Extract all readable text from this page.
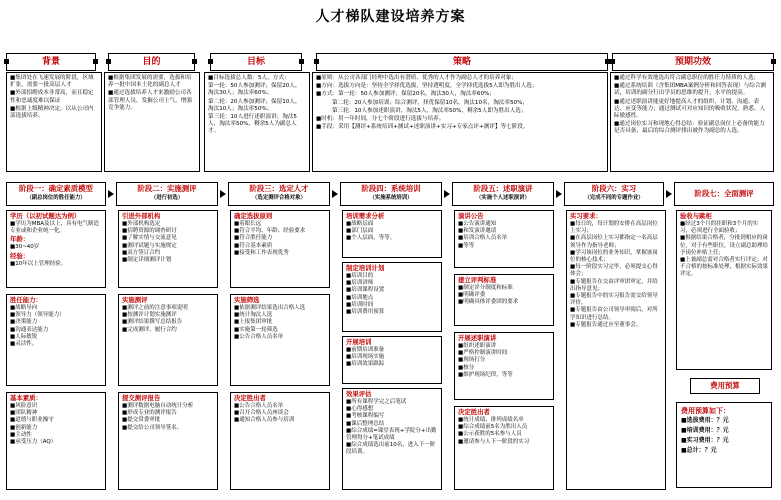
人才梯队建设培养方案
背景	目的	目标	策略	预期功效

■集团处在飞速发展的阶段，区域扩张，需要一批高层人才

■外部招聘成本非常高，而且稳定性和忠诚度难以保证

■根据上级精神决定，以从公司内部选拔培养。

■根据集团发展的需要，选拔和培养一批中国本土化的副总人才

■通过选拔培养人才来激励公司各部管理人员，发掘公司士气，增强竞争能力。

■目标选拔总人数：5人，方式：

第一轮：50人参加测评；保留20人，淘汰30人；淘汰率60%；

第二轮：20人参加测评；保留10人，淘汰10人；淘汰率50%；

第三轮：10人进行述职演讲；淘汰5人，淘汰率50%，剩余5人为副总人才。

■原则：从公司各部门经理中选出有潜质、优秀的人才作为副总人才的培养对象；

■方向：选拔方向是：坚持全学择优选拔，坚持透明度，全学择优选拔5人即为胜出人选；

■方式：第一轮：50人参加测评；保留20名，淘汰30人，淘汰率60%；

第二轮：20人参加培训；综合测评，择优保留10名，淘汰10名，淘汰率50%；

第三轮：10人参加述职演讲，淘汰5人，淘汰率50%，剩余5人即为胜出人选；

■时机：用一年时间，分七个阶段进行选拔与培养。

■手段：采用【测评+系统培训+测试+述职演讲+实习+专家点评+测评】等七阶段。

■通过科学有效地选出符合副总职位的胜任力特质的人选；

■通过系统培训（含集团MBA案例分析和回答表现）与综合测试，培训的副分行出学员的思维的提升，水平的提高。

■通过述职演讲能更好地提高人才的组织、计划、沟通、表达、应变等能力；通过测试可对应知识的吸收状况，熟悉、人际敏感性。

■通过岗位实习和现地心得总结：验证副总岗位上必备的能力是否具备，最后的综合测评排出被作为副总的人选。

阶段一：确定素质模型
（副总岗位的胜任能力）
阶段二：实施测评
（进行初选）
阶段三：选定人才
（选定测评合格对象）
阶段四：系统培训
（实施系统培训）
阶段五：述职演讲
（实施个人述职演讲）
阶段六：实习
（完成不同的专题作业）	阶段七：全面测评
学历（以初试题达为例）
■学历为MBA及以上，具有电气制造专业或和企业统一化。
年龄：
■30~40岁
经验：
■10年以上管理经验。
胜任能力：
■战略导向
■领导力（领导能力）
■决策能力
■沟通表达能力
■人际敏锐
■灵活性。
基本素质：
■风险意识
■团队精神
■道德与职业操守
■创新能力
■主动性
■承受压力（AQ）
引进外部机构
■外部机构选定
■招聘资源的调查研讨
■了解实情与交流意见
■测评试题与实施规定
■双方签订合约
■制定详细测评计划
实施测评
■测评之前的注意事项说明
■按测评计划实施测评
■测评结果撰写总结报告
■完成测评、履行合约
提交测评报告
■测评数据电脑自动统计分析
■形成专业的测评报告
■提交常委审批
■提交给公司领导签名。
确定选拔原则
■着眼长远
■符合平均、年龄、经验要求
■符合胜任能力
■符合基本素质
■接受和工作表现优秀
实施筛选
■依据测评结果选出合格人选
■统计淘汰人选
■上报集团审批
■实施第一轮筛选
■公告合格人员名单
决定胜出者
■公告合格人员名单
■召开合格人员座谈会
■通知合格人员参与培训
培训需求分析
■战略层面
■部门层面
■个人层面，等等。
制定培训计划
■培训目的
■培训讲师
■培训课程设置
■培训地点
■培训时间
■培训费用预算
开展培训
■前期培训准备
■培训现场实施
■培训效果跟踪
效果评估
■所有课程学完之后笔试
■心得感想
■考核课程编写
■课后整理总结
■综合成绩=课堂表现+学院分+出勤管理得分+笔试成绩
■综合成绩选出前10名，进入下一阶段培训。
演讲公告
■公告演讲通知
■和发演讲邀请
■培训合格人员名单
■等等
建立评判标准
■制定评分制度和标准
■明确评委
■明确具体评委团的要求
开展述职演讲
■组织述职演讲
■严格控制演讲时间
■现场打分
■核分
■维护现场纪律，等等
决定胜出者
■统计成绩，排列成绩名单
■综合成绩前5名为胜出人员
■公示获胜的5名参与人员
■邀请参与人下一阶段的实习
实习要求：
■每日的，每计划的安排在高层岗位上实习；
■在高层岗位上实习都指定一名高层领导作为指导老师；
■学习该岗位的业务知识，掌握该岗位的核心技术；
■每一阶段实习完毕，必须提交心得体会；
■专题报告在交由评审团审定，并给出指导意见；
■专题报告中的实习报告需交给领导评价。
■专题报告由公司领导审阅后，对所学知识进行总结。
■专题报告通过应至董事会。
验收与跳柜
■经过3个月的挂职和3个月的实习，必须进行全面验收；
■根据结果合格者，分批到相应的岗位，对于有些职位，设立副总助理给予岗位补贴上任；
■上兼副总需对合格者实行评定；对不合格的按标准处理，根据实际效果评定。
费用预算
费用预算如下：
■选拔费用：？元
■培训费用：？元
■实习费用：？元
■总计：？元
